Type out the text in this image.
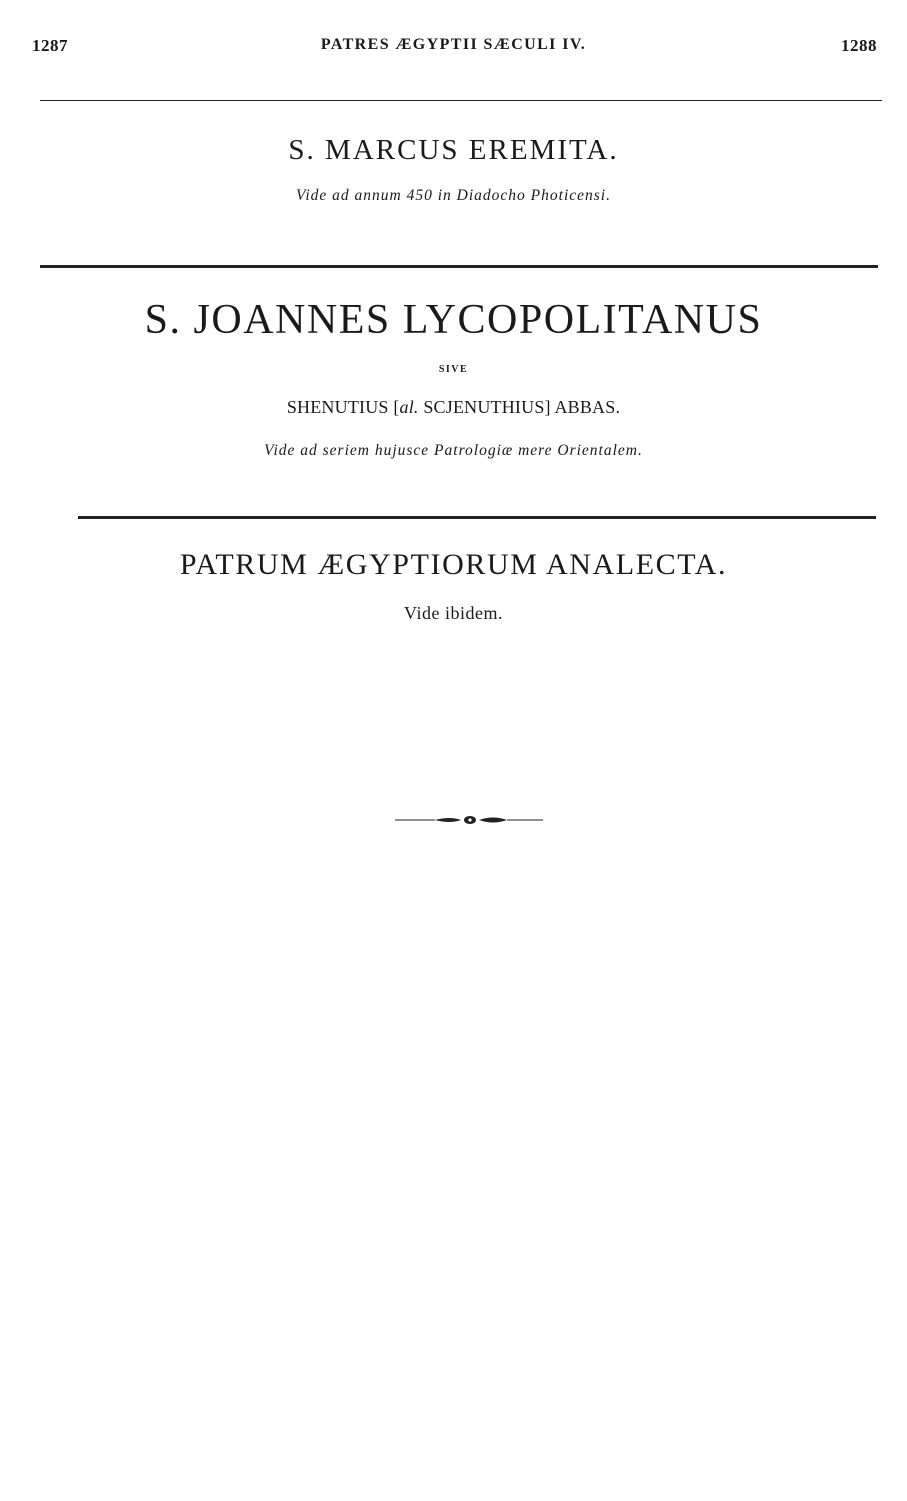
1287	PATRES ÆGYPTII SÆCULI IV.	1288
S. MARCUS EREMITA.
Vide ad annum 450 in Diadocho Photicensi.
S. JOANNES LYCOPOLITANUS
SIVE
SHENUTIUS [al. SCJENUTHIUS] ABBAS.
Vide ad seriem hujusce Patrologiæ mere Orientalem.
PATRUM ÆGYPTIORUM ANALECTA.
Vide ibidem.
